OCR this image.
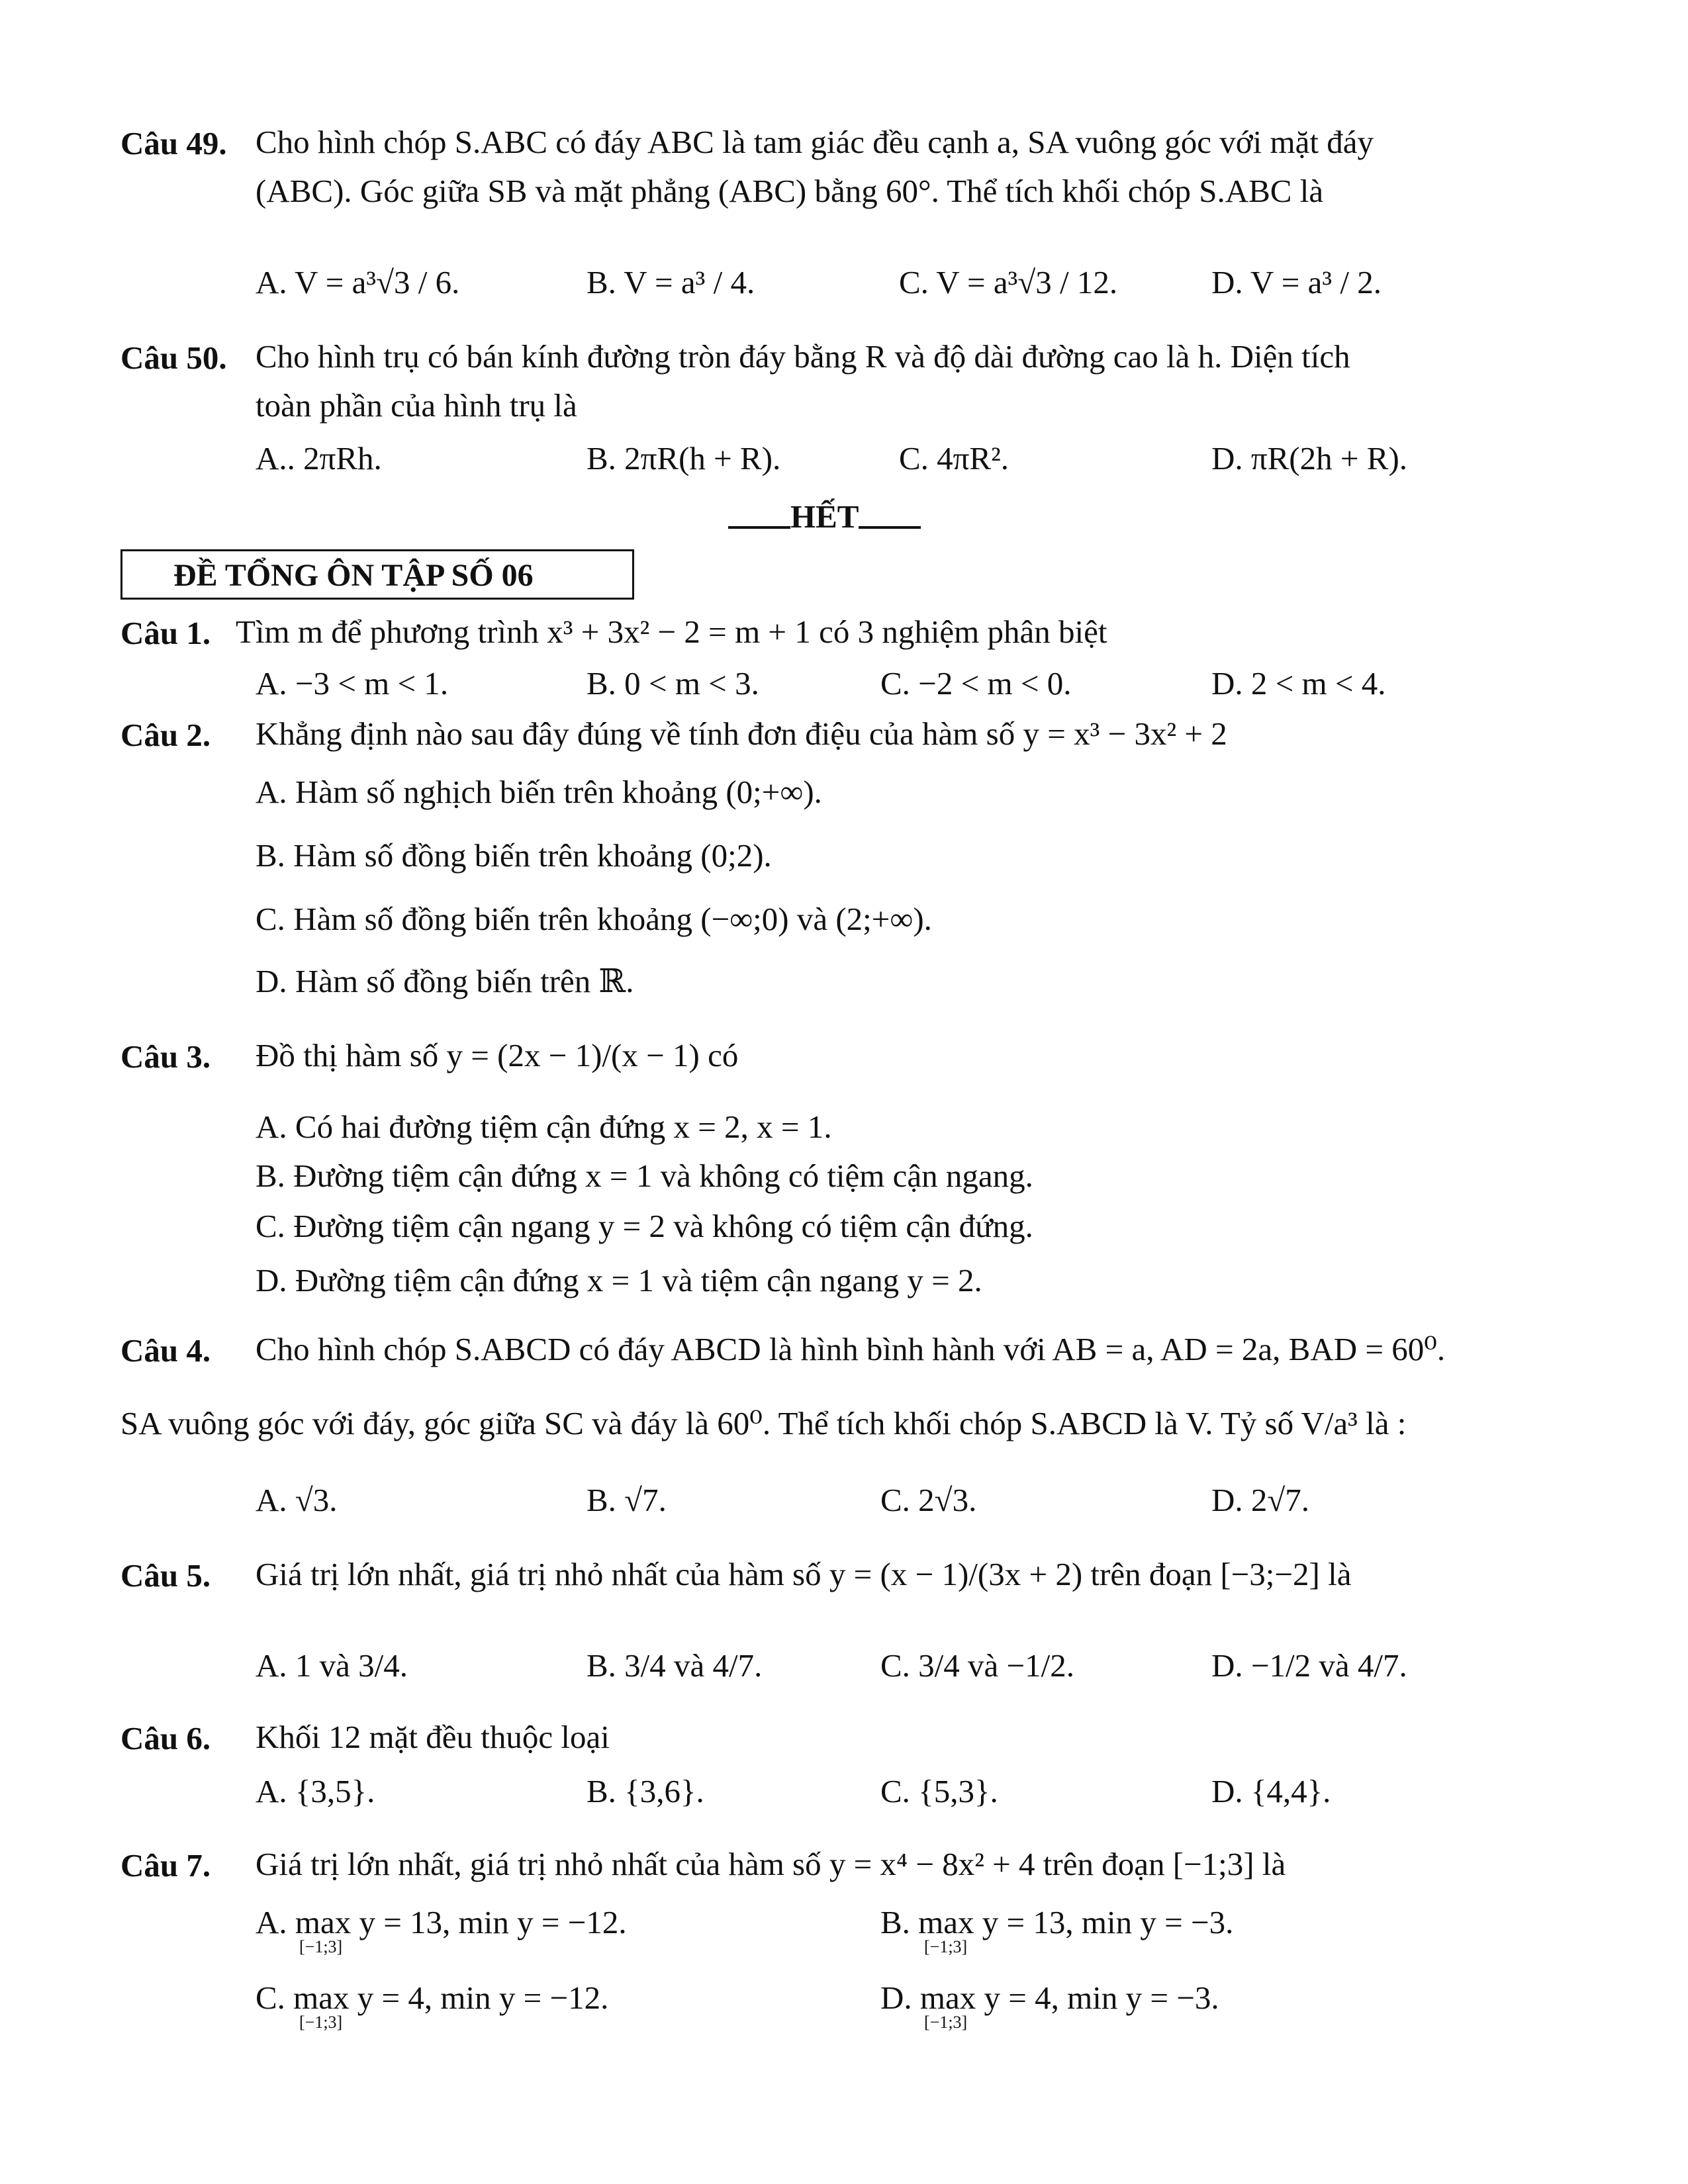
Câu 49. Cho hình chóp S.ABC có đáy ABC là tam giác đều cạnh a, SA vuông góc với mặt đáy
(ABC). Góc giữa SB và mặt phẳng (ABC) bằng 60°. Thể tích khối chóp S.ABC là
A. V = a³√3 / 6.	B. V = a³ / 4.	C. V = a³√3 / 12.	D. V = a³ / 2.
Câu 50. Cho hình trụ có bán kính đường tròn đáy bằng R và độ dài đường cao là h. Diện tích
toàn phần của hình trụ là
A.. 2πRh.	B. 2πR(h + R).	C. 4πR².	D. πR(2h + R).
HẾT
ĐỀ TỔNG ÔN TẬP SỐ 06
Câu 1. Tìm m để phương trình x³ + 3x² − 2 = m + 1 có 3 nghiệm phân biệt
A. −3 < m < 1.	B. 0 < m < 3.	C. −2 < m < 0.	D. 2 < m < 4.
Câu 2. Khẳng định nào sau đây đúng về tính đơn điệu của hàm số y = x³ − 3x² + 2
A. Hàm số nghịch biến trên khoảng (0;+∞).
B. Hàm số đồng biến trên khoảng (0;2).
C. Hàm số đồng biến trên khoảng (−∞;0) và (2;+∞).
D. Hàm số đồng biến trên ℝ.
Câu 3. Đồ thị hàm số y = (2x − 1)/(x − 1) có
A. Có hai đường tiệm cận đứng x = 2, x = 1.
B. Đường tiệm cận đứng x = 1 và không có tiệm cận ngang.
C. Đường tiệm cận ngang y = 2 và không có tiệm cận đứng.
D. Đường tiệm cận đứng x = 1 và tiệm cận ngang y = 2.
Câu 4. Cho hình chóp S.ABCD có đáy ABCD là hình bình hành với AB = a, AD = 2a, BAD = 60⁰.
SA vuông góc với đáy, góc giữa SC và đáy là 60⁰. Thể tích khối chóp S.ABCD là V. Tỷ số V/a³ là :
A. √3.	B. √7.	C. 2√3.	D. 2√7.
Câu 5. Giá trị lớn nhất, giá trị nhỏ nhất của hàm số y = (x − 1)/(3x + 2) trên đoạn [−3;−2] là
A. 1 và 3/4.	B. 3/4 và 4/7.	C. 3/4 và −1/2.	D. −1/2 và 4/7.
Câu 6. Khối 12 mặt đều thuộc loại
A. {3,5}.	B. {3,6}.	C. {5,3}.	D. {4,4}.
Câu 7. Giá trị lớn nhất, giá trị nhỏ nhất của hàm số y = x⁴ − 8x² + 4 trên đoạn [−1;3] là
A. max y = 13, min y = −12.	B. max y = 13, min y = −3.
C. max y = 4, min y = −12.	D. max y = 4, min y = −3.
[−1;3]	[−1;3]
[−1;3]	[−1;3]
